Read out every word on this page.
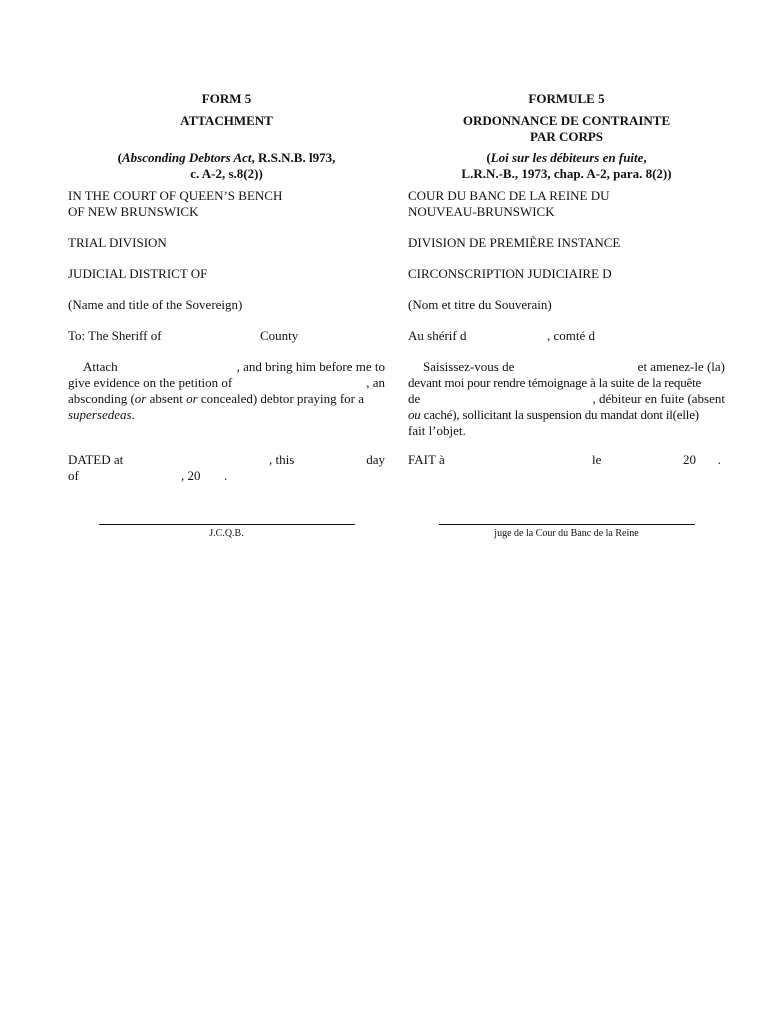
FORM 5
ATTACHMENT
(Absconding Debtors Act, R.S.N.B. l973,
c. A-2, s.8(2))
IN THE COURT OF QUEEN’S BENCH
OF NEW BRUNSWICK
TRIAL DIVISION
JUDICIAL DISTRICT OF
(Name and title of the Sovereign)
To: The Sheriff of	County
Attach	, and bring him before me to
give evidence on the petition of	, an
absconding (or absent or concealed) debtor praying for a
supersedeas.
DATED at	, this	day
of	, 20 .
J.C.Q.B.
FORMULE 5
ORDONNANCE DE CONTRAINTE
PAR CORPS
(Loi sur les débiteurs en fuite,
L.R.N.-B., 1973, chap. A-2, para. 8(2))
COUR DU BANC DE LA REINE DU
NOUVEAU-BRUNSWICK
DIVISION DE PREMIÈRE INSTANCE
CIRCONSCRIPTION JUDICIAIRE D
(Nom et titre du Souverain)
Au shérif d	, comté d
Saisissez-vous de	et amenez-le (la)
devant moi pour rendre témoignage à la suite de la requête
de	, débiteur en fuite (absent
ou caché), sollicitant la suspension du mandat dont il(elle)
fait l’objet.
FAIT à	le	20 .
juge de la Cour du Banc de la Reine
